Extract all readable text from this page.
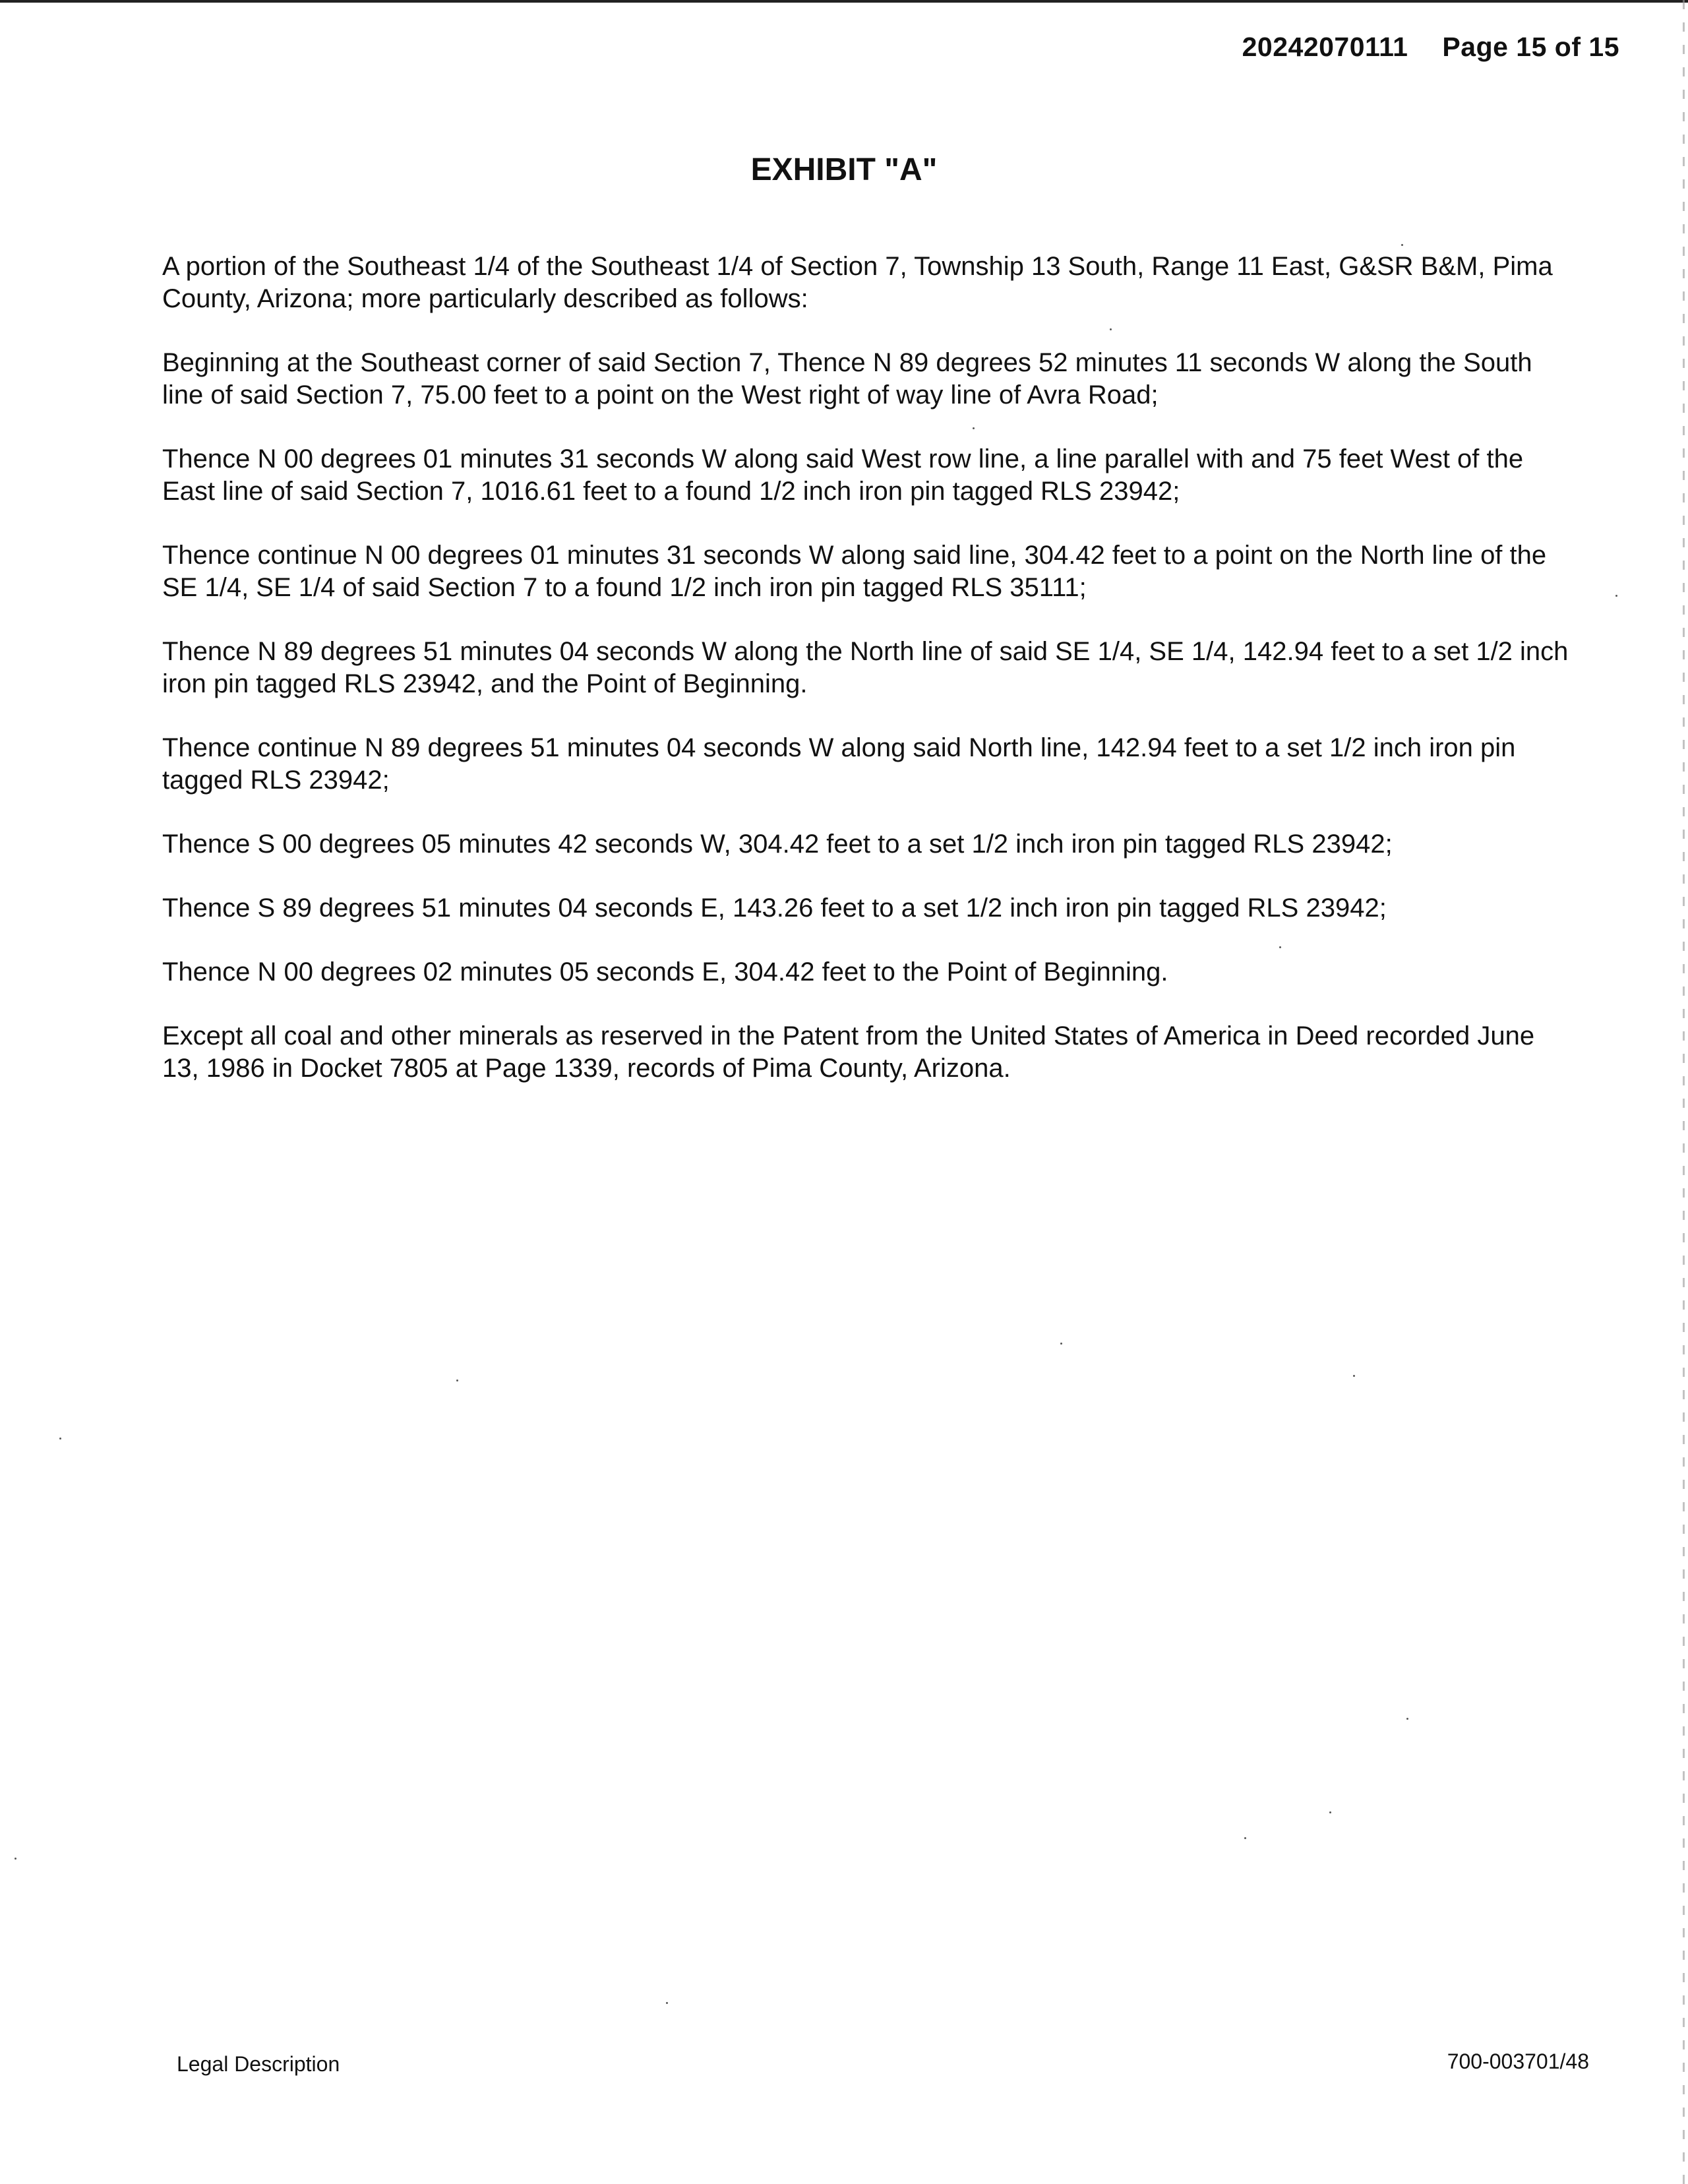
20242070111 Page 15 of 15
EXHIBIT "A"

A portion of the Southeast 1/4 of the Southeast 1/4 of Section 7, Township 13 South, Range 11 East, G&SR B&M, Pima County, Arizona; more particularly described as follows:

Beginning at the Southeast corner of said Section 7, Thence N 89 degrees 52 minutes 11 seconds W along the South line of said Section 7, 75.00 feet to a point on the West right of way line of Avra Road;

Thence N 00 degrees 01 minutes 31 seconds W along said West row line, a line parallel with and 75 feet West of the East line of said Section 7, 1016.61 feet to a found 1/2 inch iron pin tagged RLS 23942;

Thence continue N 00 degrees 01 minutes 31 seconds W along said line, 304.42 feet to a point on the North line of the SE 1/4, SE 1/4 of said Section 7 to a found 1/2 inch iron pin tagged RLS 35111;

Thence N 89 degrees 51 minutes 04 seconds W along the North line of said SE 1/4, SE 1/4, 142.94 feet to a set 1/2 inch iron pin tagged RLS 23942, and the Point of Beginning.

Thence continue N 89 degrees 51 minutes 04 seconds W along said North line, 142.94 feet to a set 1/2 inch iron pin tagged RLS 23942;

Thence S 00 degrees 05 minutes 42 seconds W, 304.42 feet to a set 1/2 inch iron pin tagged RLS 23942;

Thence S 89 degrees 51 minutes 04 seconds E, 143.26 feet to a set 1/2 inch iron pin tagged RLS 23942;

Thence N 00 degrees 02 minutes 05 seconds E, 304.42 feet to the Point of Beginning.

Except all coal and other minerals as reserved in the Patent from the United States of America in Deed recorded June 13, 1986 in Docket 7805 at Page 1339, records of Pima County, Arizona.

Legal Description	700-003701/48
